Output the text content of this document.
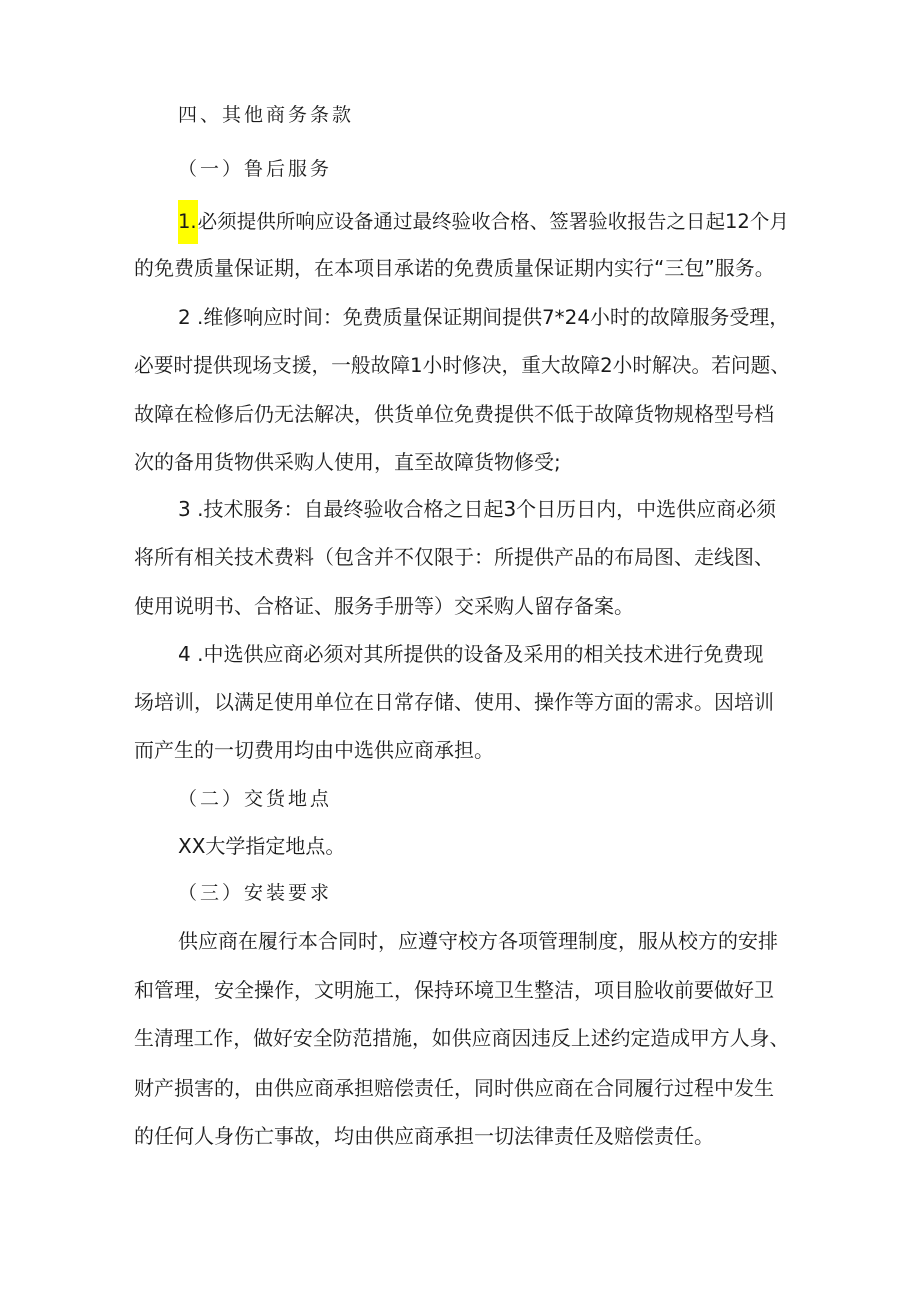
四、其他商务条款
（一）鲁后服务
1.必须提供所响应设备通过最终验收合格、签署验收报告之日起12个月
的免费质量保证期，在本项目承诺的免费质量保证期内实行“三包”服务。
2 .维修响应时间：免费质量保证期间提供7*24小时的故障服务受理，
必要时提供现场支援，一般故障1小时修决，重大故障2小时解决。若问题、
故障在检修后仍无法解决，供货单位免费提供不低于故障货物规格型号档
次的备用货物供采购人使用，直至故障货物修受;
3 .技术服务：自最终验收合格之日起3个日历日内，中选供应商必须
将所有相关技术费料（包含并不仅限于：所提供产品的布局图、走线图、
使用说明书、合格证、服务手册等）交采购人留存备案。
4 .中选供应商必须对其所提供的设备及采用的相关技术进行免费现
场培训，以满足使用单位在日常存储、使用、操作等方面的需求。因培训
而产生的一切费用均由中选供应商承担。
（二）交货地点
XX大学指定地点。
（三）安装要求
供应商在履行本合同时，应遵守校方各项管理制度，服从校方的安排
和管理，安全操作，文明施工，保持环境卫生整洁，项目脸收前要做好卫
生清理工作，做好安全防范措施，如供应商因违反上述约定造成甲方人身、
财产损害的，由供应商承担赔偿责任，同时供应商在合同履行过程中发生
的任何人身伤亡事故，均由供应商承担一切法律责任及赔偿责任。
